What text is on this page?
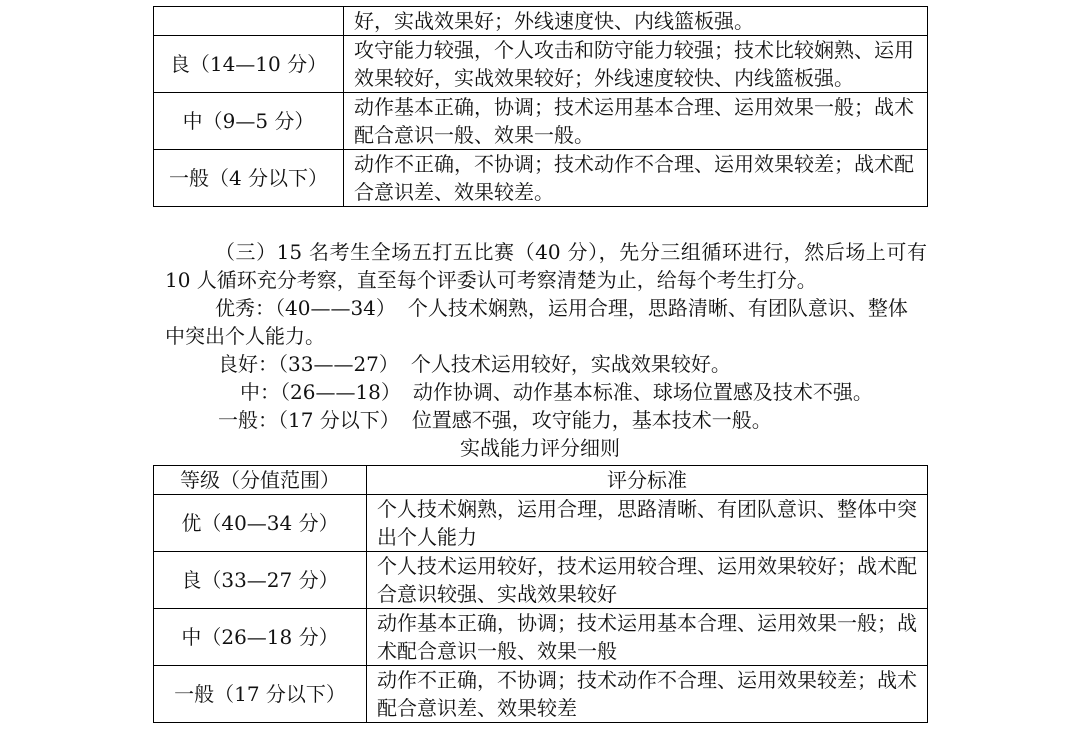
	好，实战效果好；外线速度快、内线篮板强。
良（14—10 分）	攻守能力较强，个人攻击和防守能力较强；技术比较娴熟、运用效果较好，实战效果较好；外线速度较快、内线篮板强。
中（9—5 分）	动作基本正确，协调；技术运用基本合理、运用效果一般；战术配合意识一般、效果一般。
一般（4 分以下）	动作不正确，不协调；技术动作不合理、运用效果较差；战术配合意识差、效果较差。

（三）15 名考生全场五打五比赛（40 分），先分三组循环进行，然后场上可有 10 人循环充分考察，直至每个评委认可考察清楚为止，给每个考生打分。

优秀：（40——34） 个人技术娴熟，运用合理，思路清晰、有团队意识、整体中突出个人能力。

良好：（33——27） 个人技术运用较好，实战效果较好。
中：（26——18） 动作协调、动作基本标准、球场位置感及技术不强。
一般：（17 分以下） 位置感不强，攻守能力，基本技术一般。
实战能力评分细则
等级（分值范围）	评分标准
优（40—34 分）	个人技术娴熟，运用合理，思路清晰、有团队意识、整体中突出个人能力
良（33—27 分）	个人技术运用较好，技术运用较合理、运用效果较好；战术配合意识较强、实战效果较好
中（26—18 分）	动作基本正确，协调；技术运用基本合理、运用效果一般；战术配合意识一般、效果一般
一般（17 分以下）	动作不正确，不协调；技术动作不合理、运用效果较差；战术配合意识差、效果较差
